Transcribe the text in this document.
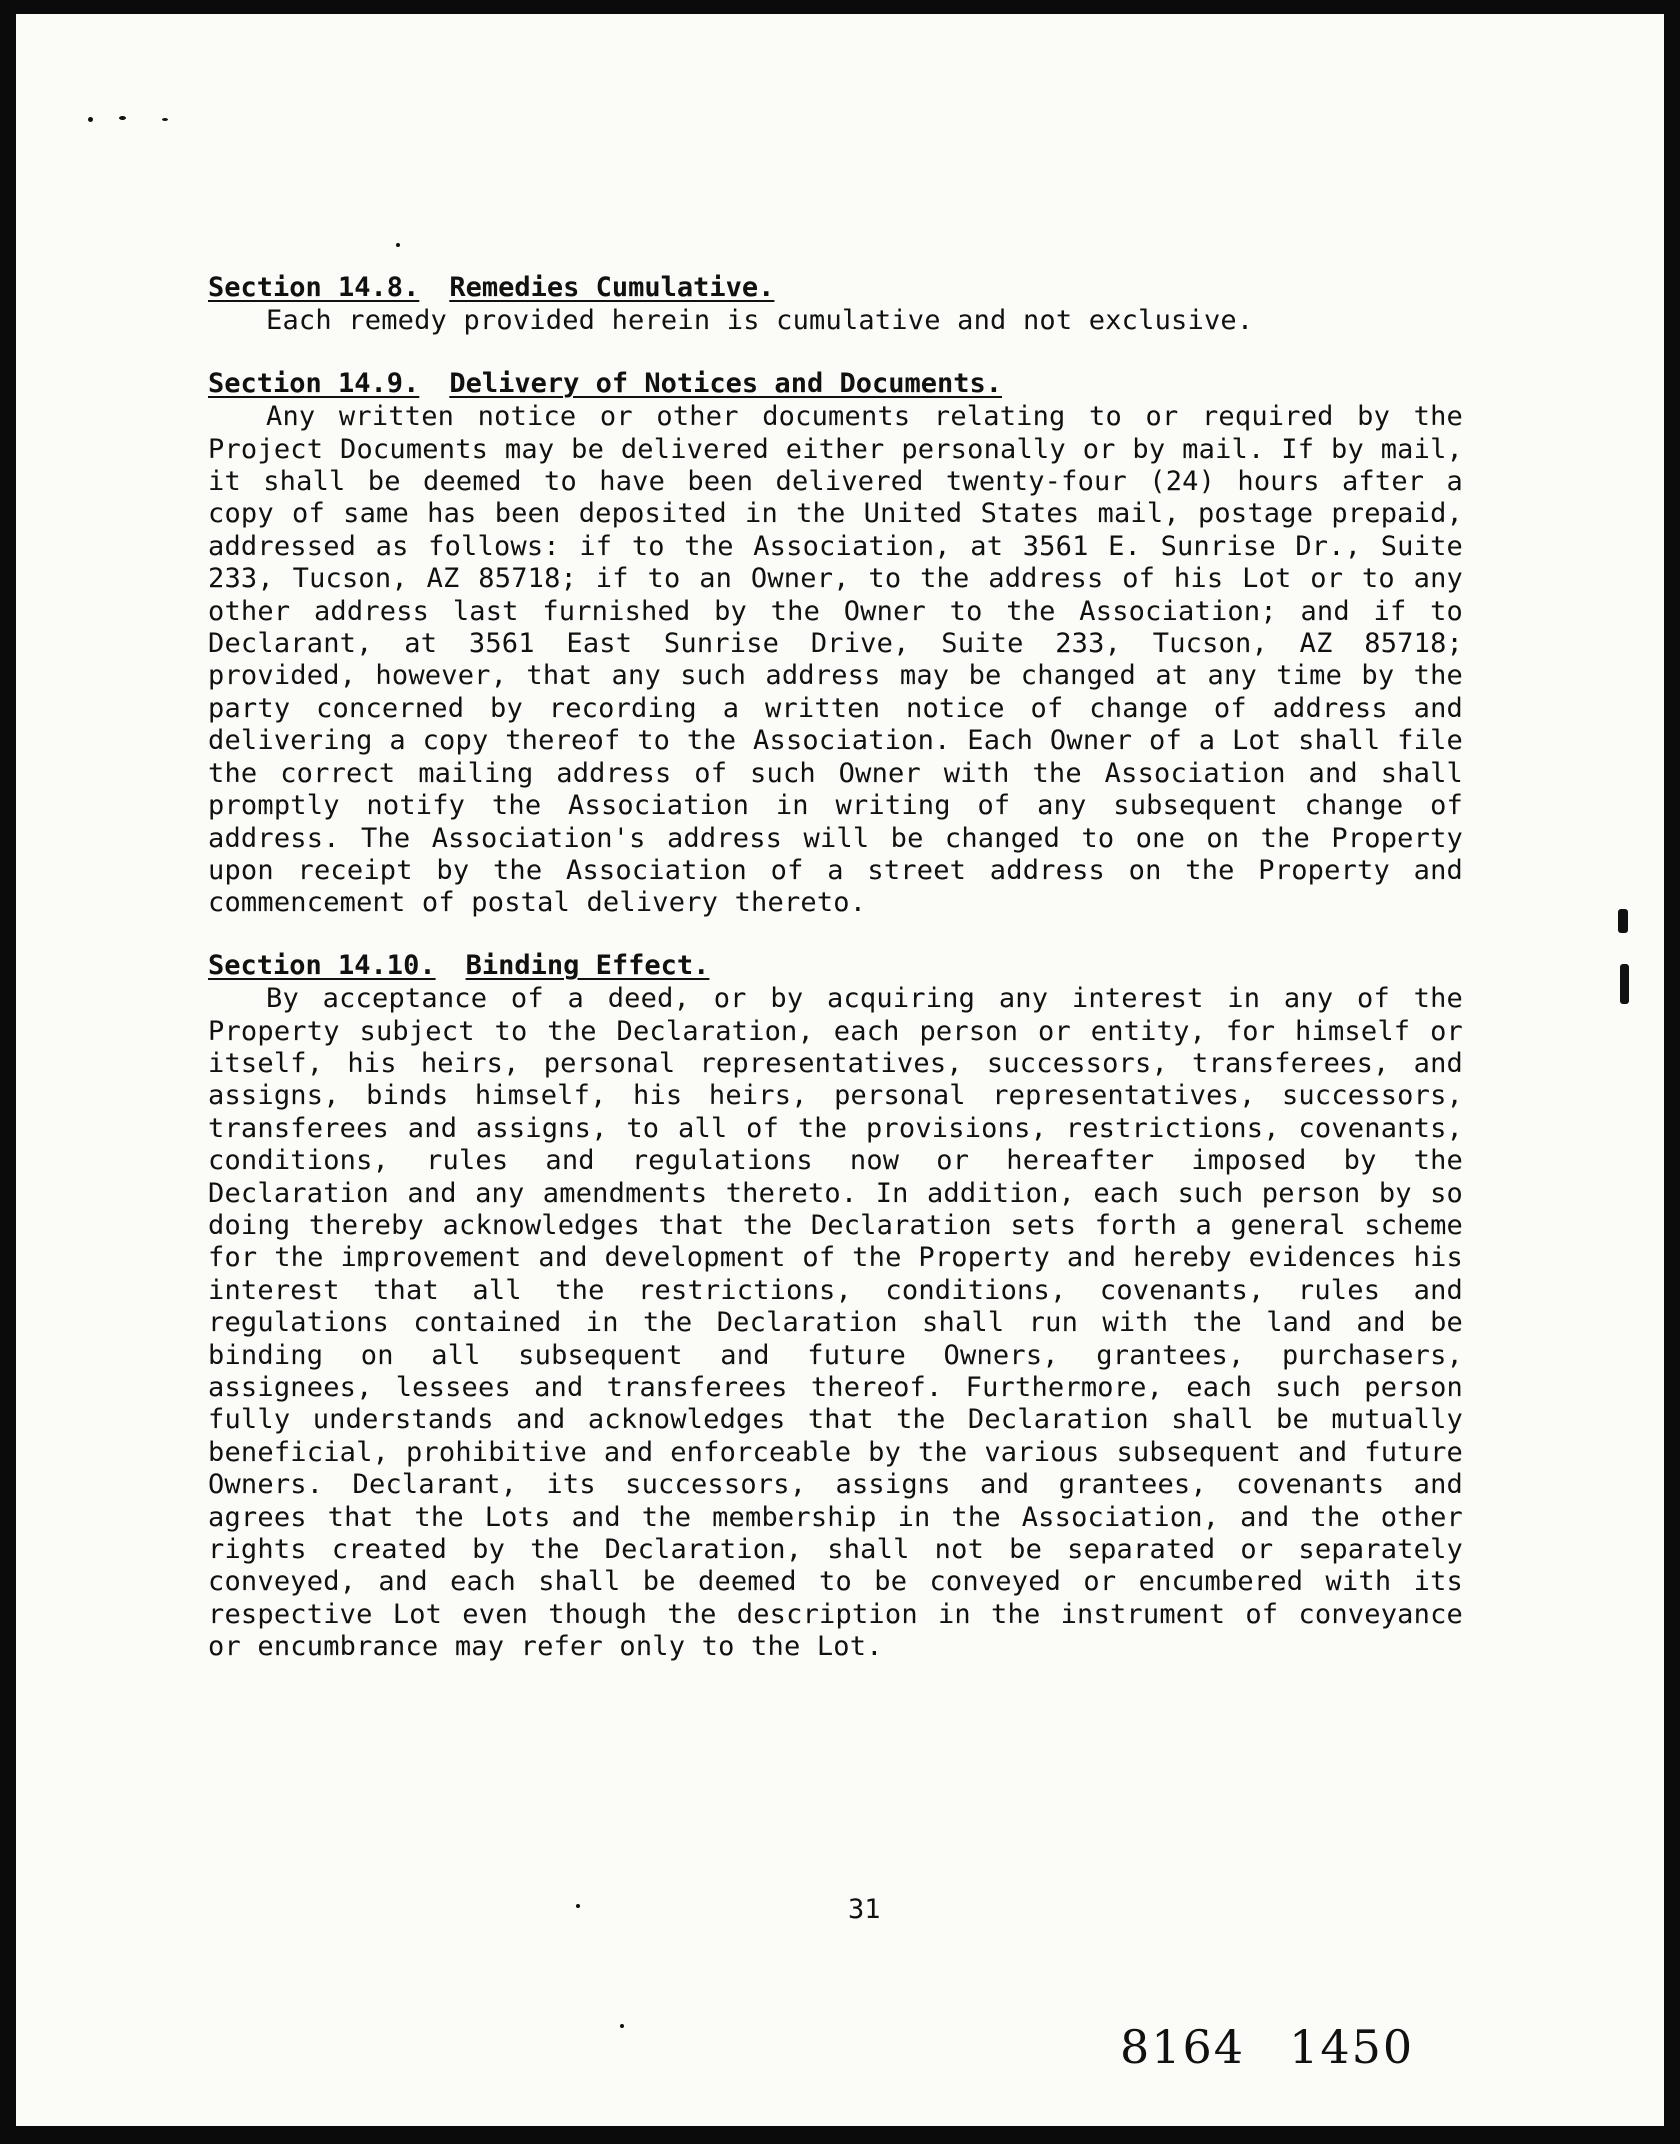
Section 14.8. Remedies Cumulative.
Each remedy provided herein is cumulative and not exclusive.
Section 14.9. Delivery of Notices and Documents.
Any written notice or other documents relating to or required by the Project Documents may be delivered either personally or by mail. If by mail, it shall be deemed to have been delivered twenty-four (24) hours after a copy of same has been deposited in the United States mail, postage prepaid, addressed as follows: if to the Association, at 3561 E. Sunrise Dr., Suite 233, Tucson, AZ 85718; if to an Owner, to the address of his Lot or to any other address last furnished by the Owner to the Association; and if to Declarant, at 3561 East Sunrise Drive, Suite 233, Tucson, AZ 85718; provided, however, that any such address may be changed at any time by the party concerned by recording a written notice of change of address and delivering a copy thereof to the Association. Each Owner of a Lot shall file the correct mailing address of such Owner with the Association and shall promptly notify the Association in writing of any subsequent change of address. The Association's address will be changed to one on the Property upon receipt by the Association of a street address on the Property and commencement of postal delivery thereto.
Section 14.10. Binding Effect.
By acceptance of a deed, or by acquiring any interest in any of the Property subject to the Declaration, each person or entity, for himself or itself, his heirs, personal representatives, successors, transferees, and assigns, binds himself, his heirs, personal representatives, successors, transferees and assigns, to all of the provisions, restrictions, covenants, conditions, rules and regulations now or hereafter imposed by the Declaration and any amendments thereto. In addition, each such person by so doing thereby acknowledges that the Declaration sets forth a general scheme for the improvement and development of the Property and hereby evidences his interest that all the restrictions, conditions, covenants, rules and regulations contained in the Declaration shall run with the land and be binding on all subsequent and future Owners, grantees, purchasers, assignees, lessees and transferees thereof. Furthermore, each such person fully understands and acknowledges that the Declaration shall be mutually beneficial, prohibitive and enforceable by the various subsequent and future Owners. Declarant, its successors, assigns and grantees, covenants and agrees that the Lots and the membership in the Association, and the other rights created by the Declaration, shall not be separated or separately conveyed, and each shall be deemed to be conveyed or encumbered with its respective Lot even though the description in the instrument of conveyance or encumbrance may refer only to the Lot.
31
8164 1450
